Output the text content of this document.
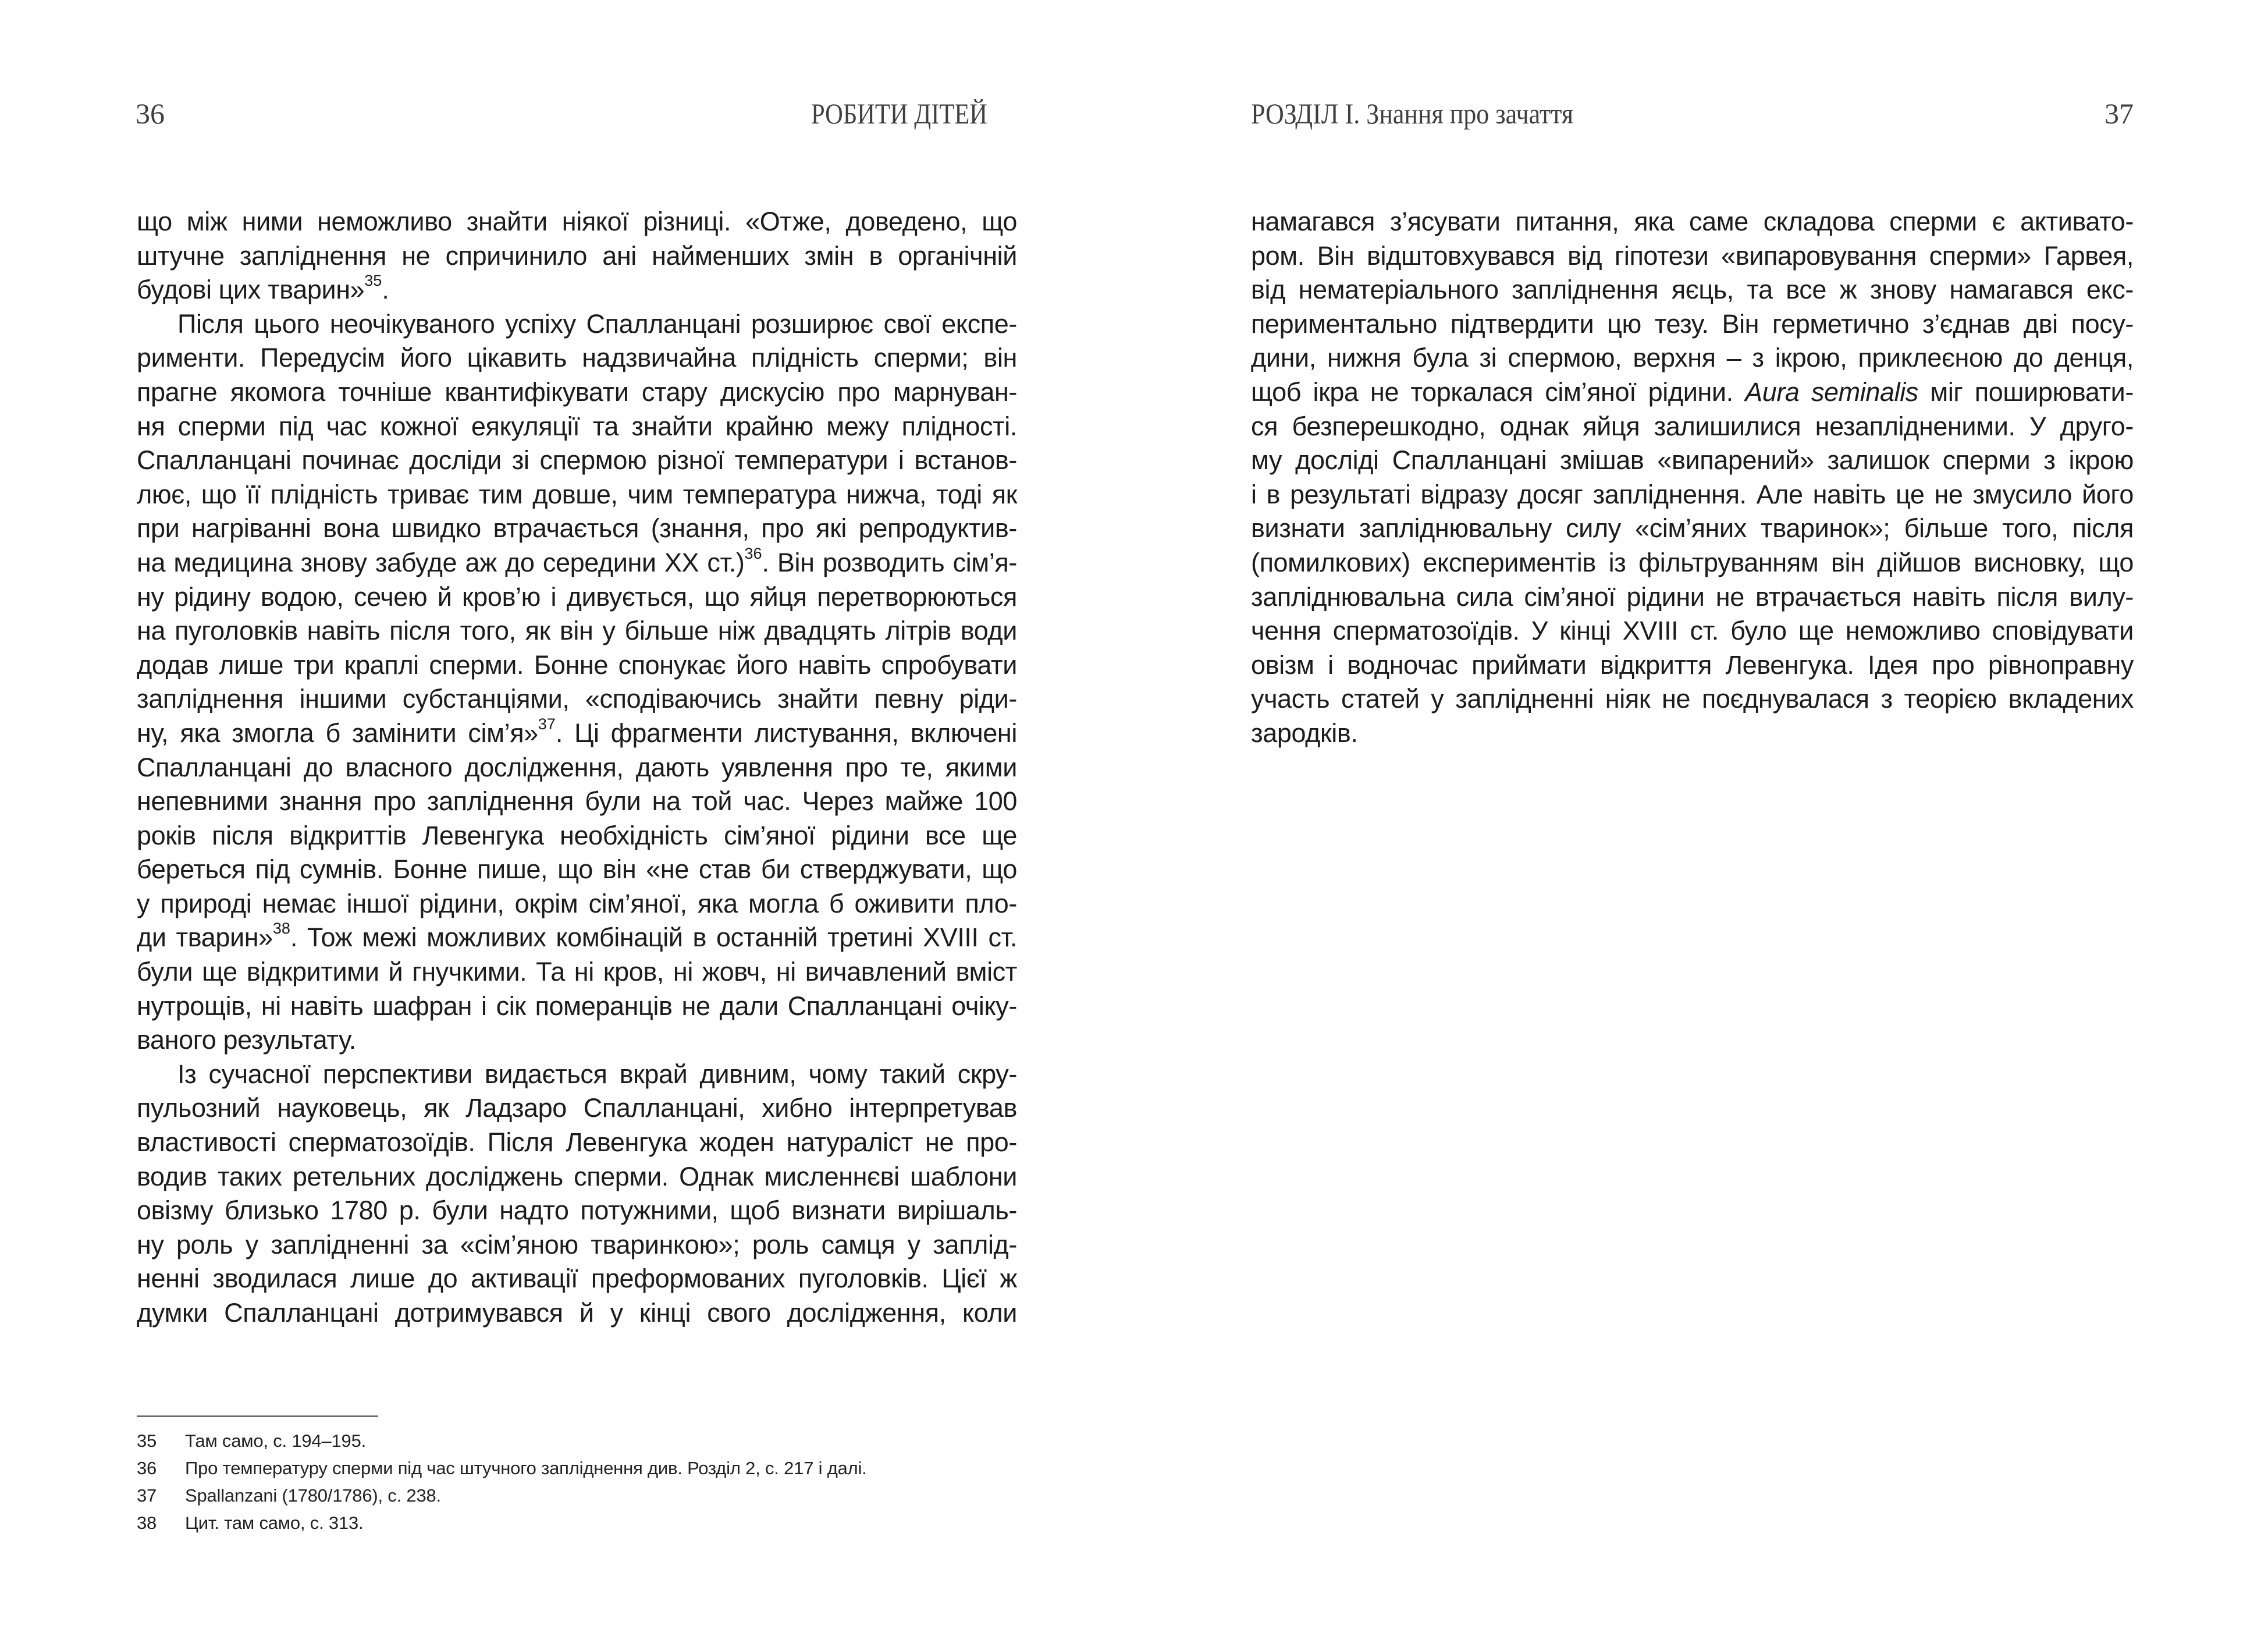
36	РОБИТИ ДІТЕЙ
що між ними неможливо знайти ніякої різниці. «Отже, доведено, що
штучне запліднення не спричинило ані найменших змін в органічній
будові цих тварин»$^{35}$.
Після цього неочікуваного успіху Спалланцані розширює свої експе-
рименти. Передусім його цікавить надзвичайна плідність сперми; він
прагне якомога точніше квантифікувати стару дискусію про марнуван-
ня сперми під час кожної еякуляції та знайти крайню межу плідності.
Спалланцані починає досліди зі спермою різної температури і встанов-
лює, що її плідність триває тим довше, чим температура нижча, тоді як
при нагріванні вона швидко втрачається (знання, про які репродуктив-
на медицина знову забуде аж до середини XX ст.)$^{36}$. Він розводить сім’я-
ну рідину водою, сечею й кров’ю і дивується, що яйця перетворюються
на пуголовків навіть після того, як він у більше ніж двадцять літрів води
додав лише три краплі сперми. Бонне спонукає його навіть спробувати
запліднення іншими субстанціями, «сподіваючись знайти певну ріди-
ну, яка змогла б замінити сім’я»$^{37}$. Ці фрагменти листування, включені
Спалланцані до власного дослідження, дають уявлення про те, якими
непевними знання про запліднення були на той час. Через майже 100
років після відкриттів Левенгука необхідність сім’яної рідини все ще
береться під сумнів. Бонне пише, що він «не став би стверджувати, що
у природі немає іншої рідини, окрім сім’яної, яка могла б оживити пло-
ди тварин»$^{38}$. Тож межі можливих комбінацій в останній третині XVIII ст.
були ще відкритими й гнучкими. Та ні кров, ні жовч, ні вичавлений вміст
нутрощів, ні навіть шафран і сік померанців не дали Спалланцані очіку-
ваного результату.
Із сучасної перспективи видається вкрай дивним, чому такий скру-
пульозний науковець, як Ладзаро Спалланцані, хибно інтерпретував
властивості сперматозоїдів. Після Левенгука жоден натураліст не про-
водив таких ретельних досліджень сперми. Однак мисленнєві шаблони
овізму близько 1780 р. були надто потужними, щоб визнати вирішаль-
ну роль у заплідненні за «сім’яною тваринкою»; роль самця у заплід-
ненні зводилася лише до активації преформованих пуголовків. Цієї ж
думки Спалланцані дотримувався й у кінці свого дослідження, коли
35	Там само, с. 194–195.
36	Про температуру сперми під час штучного запліднення див. Розділ 2, с. 217 і далі.
37	Spallanzani (1780/1786), с. 238.
38	Цит. там само, с. 313.
РОЗДІЛ I. Знання про зачаття	37
намагався з’ясувати питання, яка саме складова сперми є активато-
ром. Він відштовхувався від гіпотези «випаровування сперми» Гарвея,
від нематеріального запліднення яєць, та все ж знову намагався екс-
периментально підтвердити цю тезу. Він герметично з’єднав дві посу-
дини, нижня була зі спермою, верхня – з ікрою, приклеєною до денця,
щоб ікра не торкалася сім’яної рідини. Aura seminalis міг поширювати-
ся безперешкодно, однак яйця залишилися незаплідненими. У друго-
му досліді Спалланцані змішав «випарений» залишок сперми з ікрою
і в результаті відразу досяг запліднення. Але навіть це не змусило його
визнати запліднювальну силу «сім’яних тваринок»; більше того, після
(помилкових) експериментів із фільтруванням він дійшов висновку, що
запліднювальна сила сім’яної рідини не втрачається навіть після вилу-
чення сперматозоїдів. У кінці XVIII ст. було ще неможливо сповідувати
овізм і водночас приймати відкриття Левенгука. Ідея про рівноправну
участь статей у заплідненні ніяк не поєднувалася з теорією вкладених
зародків.
